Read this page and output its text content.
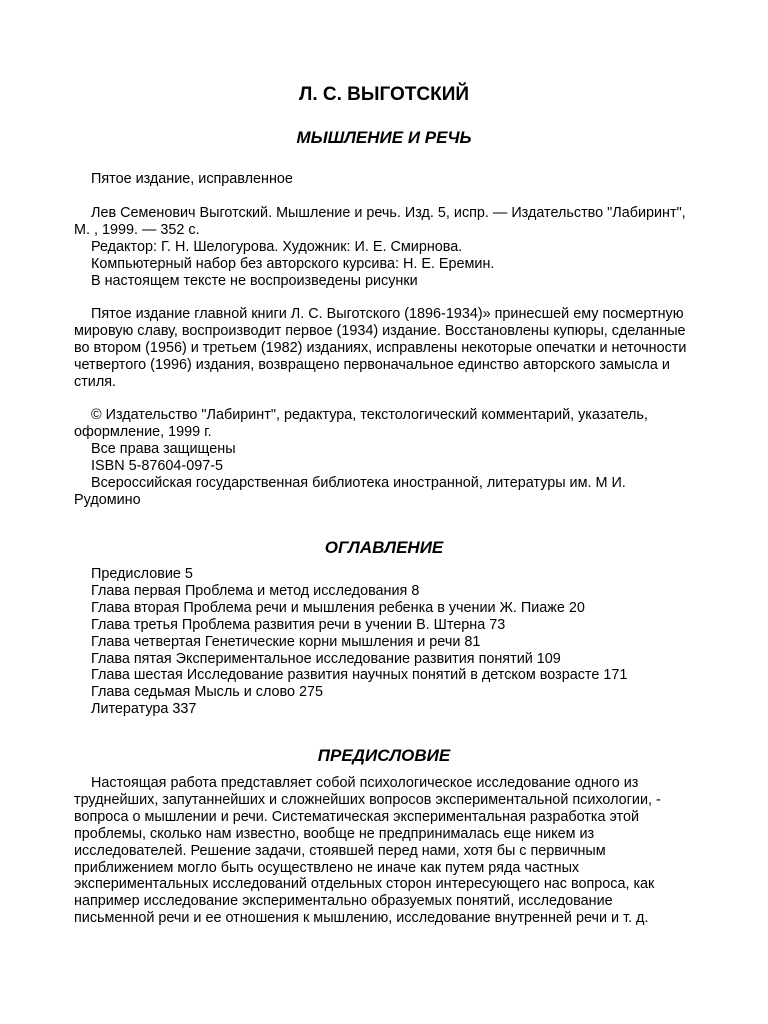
Л. С. ВЫГОТСКИЙ
МЫШЛЕНИЕ И РЕЧЬ

Пятое издание, исправленное

Лев Семенович Выготский. Мышление и речь. Изд. 5, испр. — Издательство "Лабиринт", М. , 1999. — 352 с.

Редактор: Г. Н. Шелогурова. Художник: И. Е. Смирнова.

Компьютерный набор без авторского курсива: Н. Е. Еремин.

В настоящем тексте не воспроизведены рисунки

Пятое издание главной книги Л. С. Выготского (1896-1934)» принесшей ему посмертную мировую славу, воспроизводит первое (1934) издание. Восстановлены купюры, сделанные во втором (1956) и третьем (1982) изданиях, исправлены некоторые опечатки и неточности четвертого (1996) издания, возвращено первоначальное единство авторского замысла и стиля.

© Издательство "Лабиринт", редактура, текстологический комментарий, указатель, оформление, 1999 г.

Все права защищены

ISBN 5-87604-097-5

Всероссийская государственная библиотека иностранной, литературы им. М И. Рудомино

ОГЛАВЛЕНИЕ

Предисловие 5

Глава первая Проблема и метод исследования 8

Глава вторая Проблема речи и мышления ребенка в учении Ж. Пиаже 20

Глава третья Проблема развития речи в учении В. Штерна 73

Глава четвертая Генетические корни мышления и речи 81

Глава пятая Экспериментальное исследование развития понятий 109

Глава шестая Исследование развития научных понятий в детском возрасте 171

Глава седьмая Мысль и слово 275

Литература 337

ПРЕДИСЛОВИЕ

Настоящая работа представляет собой психологическое исследование одного из труднейших, запутаннейших и сложнейших вопросов экспериментальной психологии, - вопроса о мышлении и речи. Систематическая экспериментальная разработка этой проблемы, сколько нам известно, вообще не предпринималась еще никем из исследователей. Решение задачи, стоявшей перед нами, хотя бы с первичным приближением могло быть осуществлено не иначе как путем ряда частных экспериментальных исследований отдельных сторон интересующего нас вопроса, как например исследование экспериментально образуемых понятий, исследование письменной речи и ее отношения к мышлению, исследование внутренней речи и т. д.
